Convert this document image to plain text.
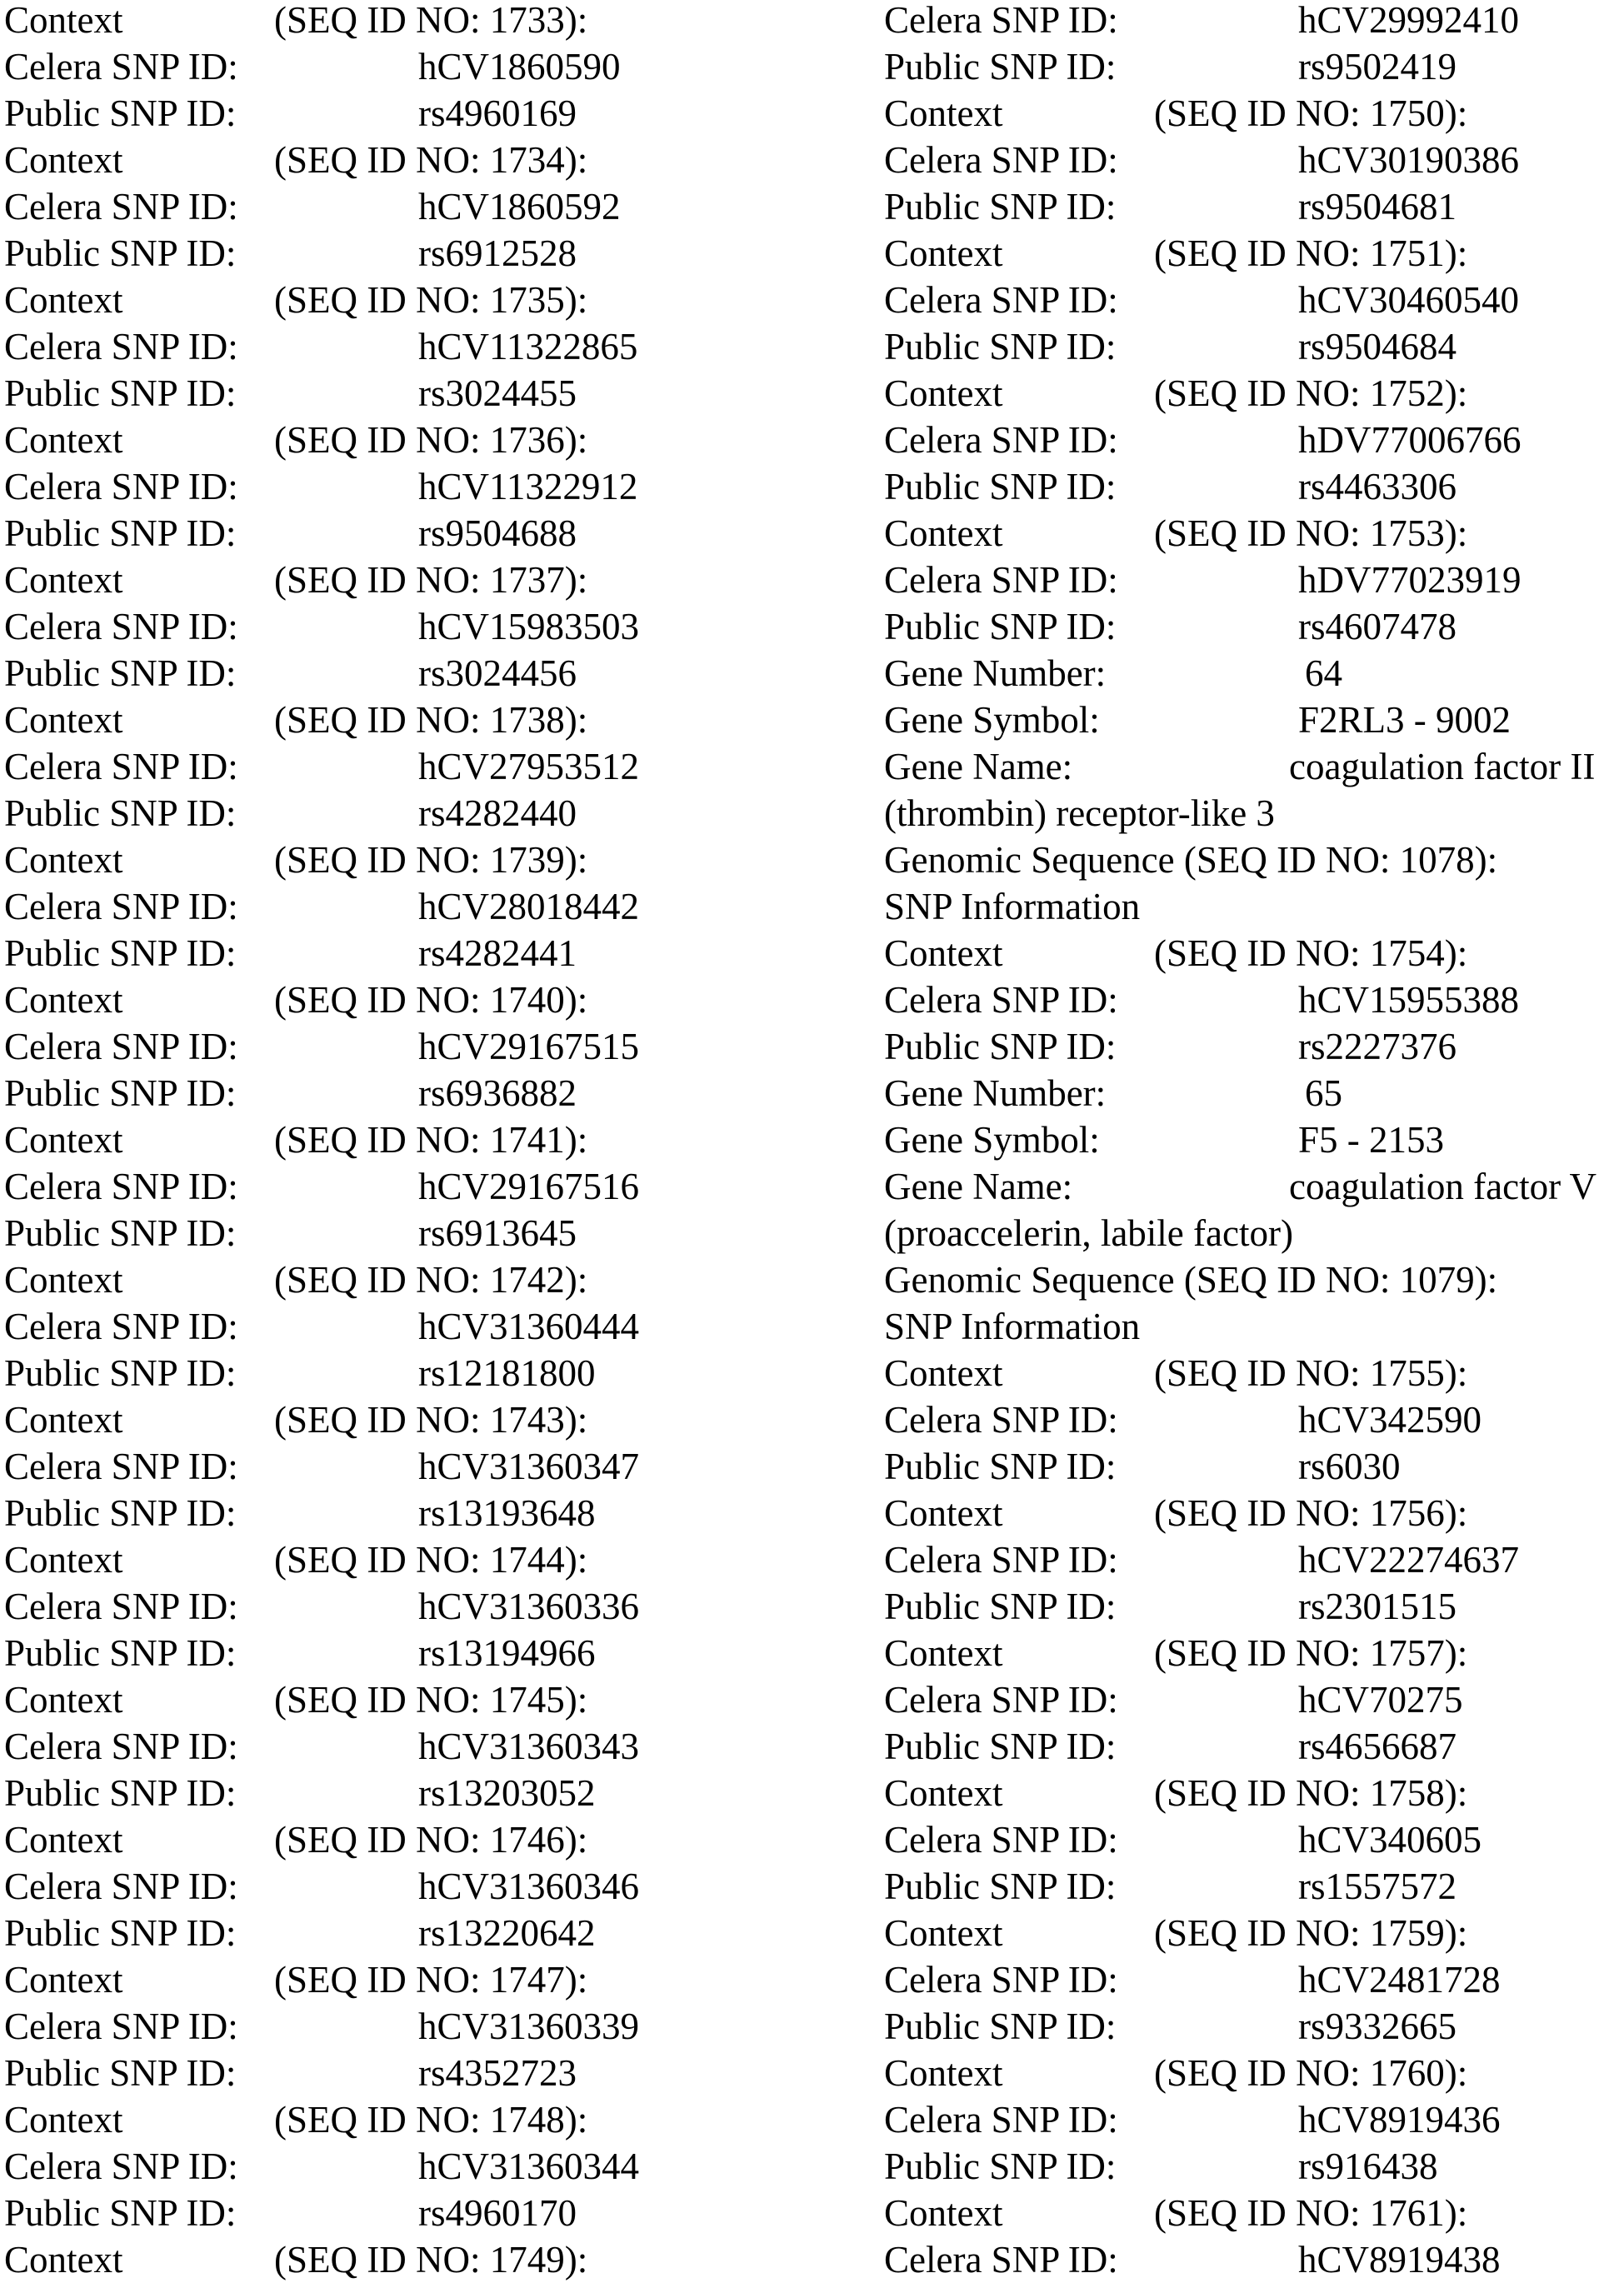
Context	(SEQ ID NO: 1733):
Celera SNP ID:	hCV1860590
Public SNP ID:	rs4960169
Context	(SEQ ID NO: 1734):
Celera SNP ID:	hCV1860592
Public SNP ID:	rs6912528
Context	(SEQ ID NO: 1735):
Celera SNP ID:	hCV11322865
Public SNP ID:	rs3024455
Context	(SEQ ID NO: 1736):
Celera SNP ID:	hCV11322912
Public SNP ID:	rs9504688
Context	(SEQ ID NO: 1737):
Celera SNP ID:	hCV15983503
Public SNP ID:	rs3024456
Context	(SEQ ID NO: 1738):
Celera SNP ID:	hCV27953512
Public SNP ID:	rs4282440
Context	(SEQ ID NO: 1739):
Celera SNP ID:	hCV28018442
Public SNP ID:	rs4282441
Context	(SEQ ID NO: 1740):
Celera SNP ID:	hCV29167515
Public SNP ID:	rs6936882
Context	(SEQ ID NO: 1741):
Celera SNP ID:	hCV29167516
Public SNP ID:	rs6913645
Context	(SEQ ID NO: 1742):
Celera SNP ID:	hCV31360444
Public SNP ID:	rs12181800
Context	(SEQ ID NO: 1743):
Celera SNP ID:	hCV31360347
Public SNP ID:	rs13193648
Context	(SEQ ID NO: 1744):
Celera SNP ID:	hCV31360336
Public SNP ID:	rs13194966
Context	(SEQ ID NO: 1745):
Celera SNP ID:	hCV31360343
Public SNP ID:	rs13203052
Context	(SEQ ID NO: 1746):
Celera SNP ID:	hCV31360346
Public SNP ID:	rs13220642
Context	(SEQ ID NO: 1747):
Celera SNP ID:	hCV31360339
Public SNP ID:	rs4352723
Context	(SEQ ID NO: 1748):
Celera SNP ID:	hCV31360344
Public SNP ID:	rs4960170
Context	(SEQ ID NO: 1749):
Celera SNP ID:	hCV29992410
Public SNP ID:	rs9502419
Context	(SEQ ID NO: 1750):
Celera SNP ID:	hCV30190386
Public SNP ID:	rs9504681
Context	(SEQ ID NO: 1751):
Celera SNP ID:	hCV30460540
Public SNP ID:	rs9504684
Context	(SEQ ID NO: 1752):
Celera SNP ID:	hDV77006766
Public SNP ID:	rs4463306
Context	(SEQ ID NO: 1753):
Celera SNP ID:	hDV77023919
Public SNP ID:	rs4607478
Gene Number:	64
Gene Symbol:	F2RL3 - 9002
Gene Name:	coagulation factor II
(thrombin) receptor-like 3
Genomic Sequence (SEQ ID NO: 1078):
SNP Information
Context	(SEQ ID NO: 1754):
Celera SNP ID:	hCV15955388
Public SNP ID:	rs2227376
Gene Number:	65
Gene Symbol:	F5 - 2153
Gene Name:	coagulation factor V
(proaccelerin, labile factor)
Genomic Sequence (SEQ ID NO: 1079):
SNP Information
Context	(SEQ ID NO: 1755):
Celera SNP ID:	hCV342590
Public SNP ID:	rs6030
Context	(SEQ ID NO: 1756):
Celera SNP ID:	hCV22274637
Public SNP ID:	rs2301515
Context	(SEQ ID NO: 1757):
Celera SNP ID:	hCV70275
Public SNP ID:	rs4656687
Context	(SEQ ID NO: 1758):
Celera SNP ID:	hCV340605
Public SNP ID:	rs1557572
Context	(SEQ ID NO: 1759):
Celera SNP ID:	hCV2481728
Public SNP ID:	rs9332665
Context	(SEQ ID NO: 1760):
Celera SNP ID:	hCV8919436
Public SNP ID:	rs916438
Context	(SEQ ID NO: 1761):
Celera SNP ID:	hCV8919438
